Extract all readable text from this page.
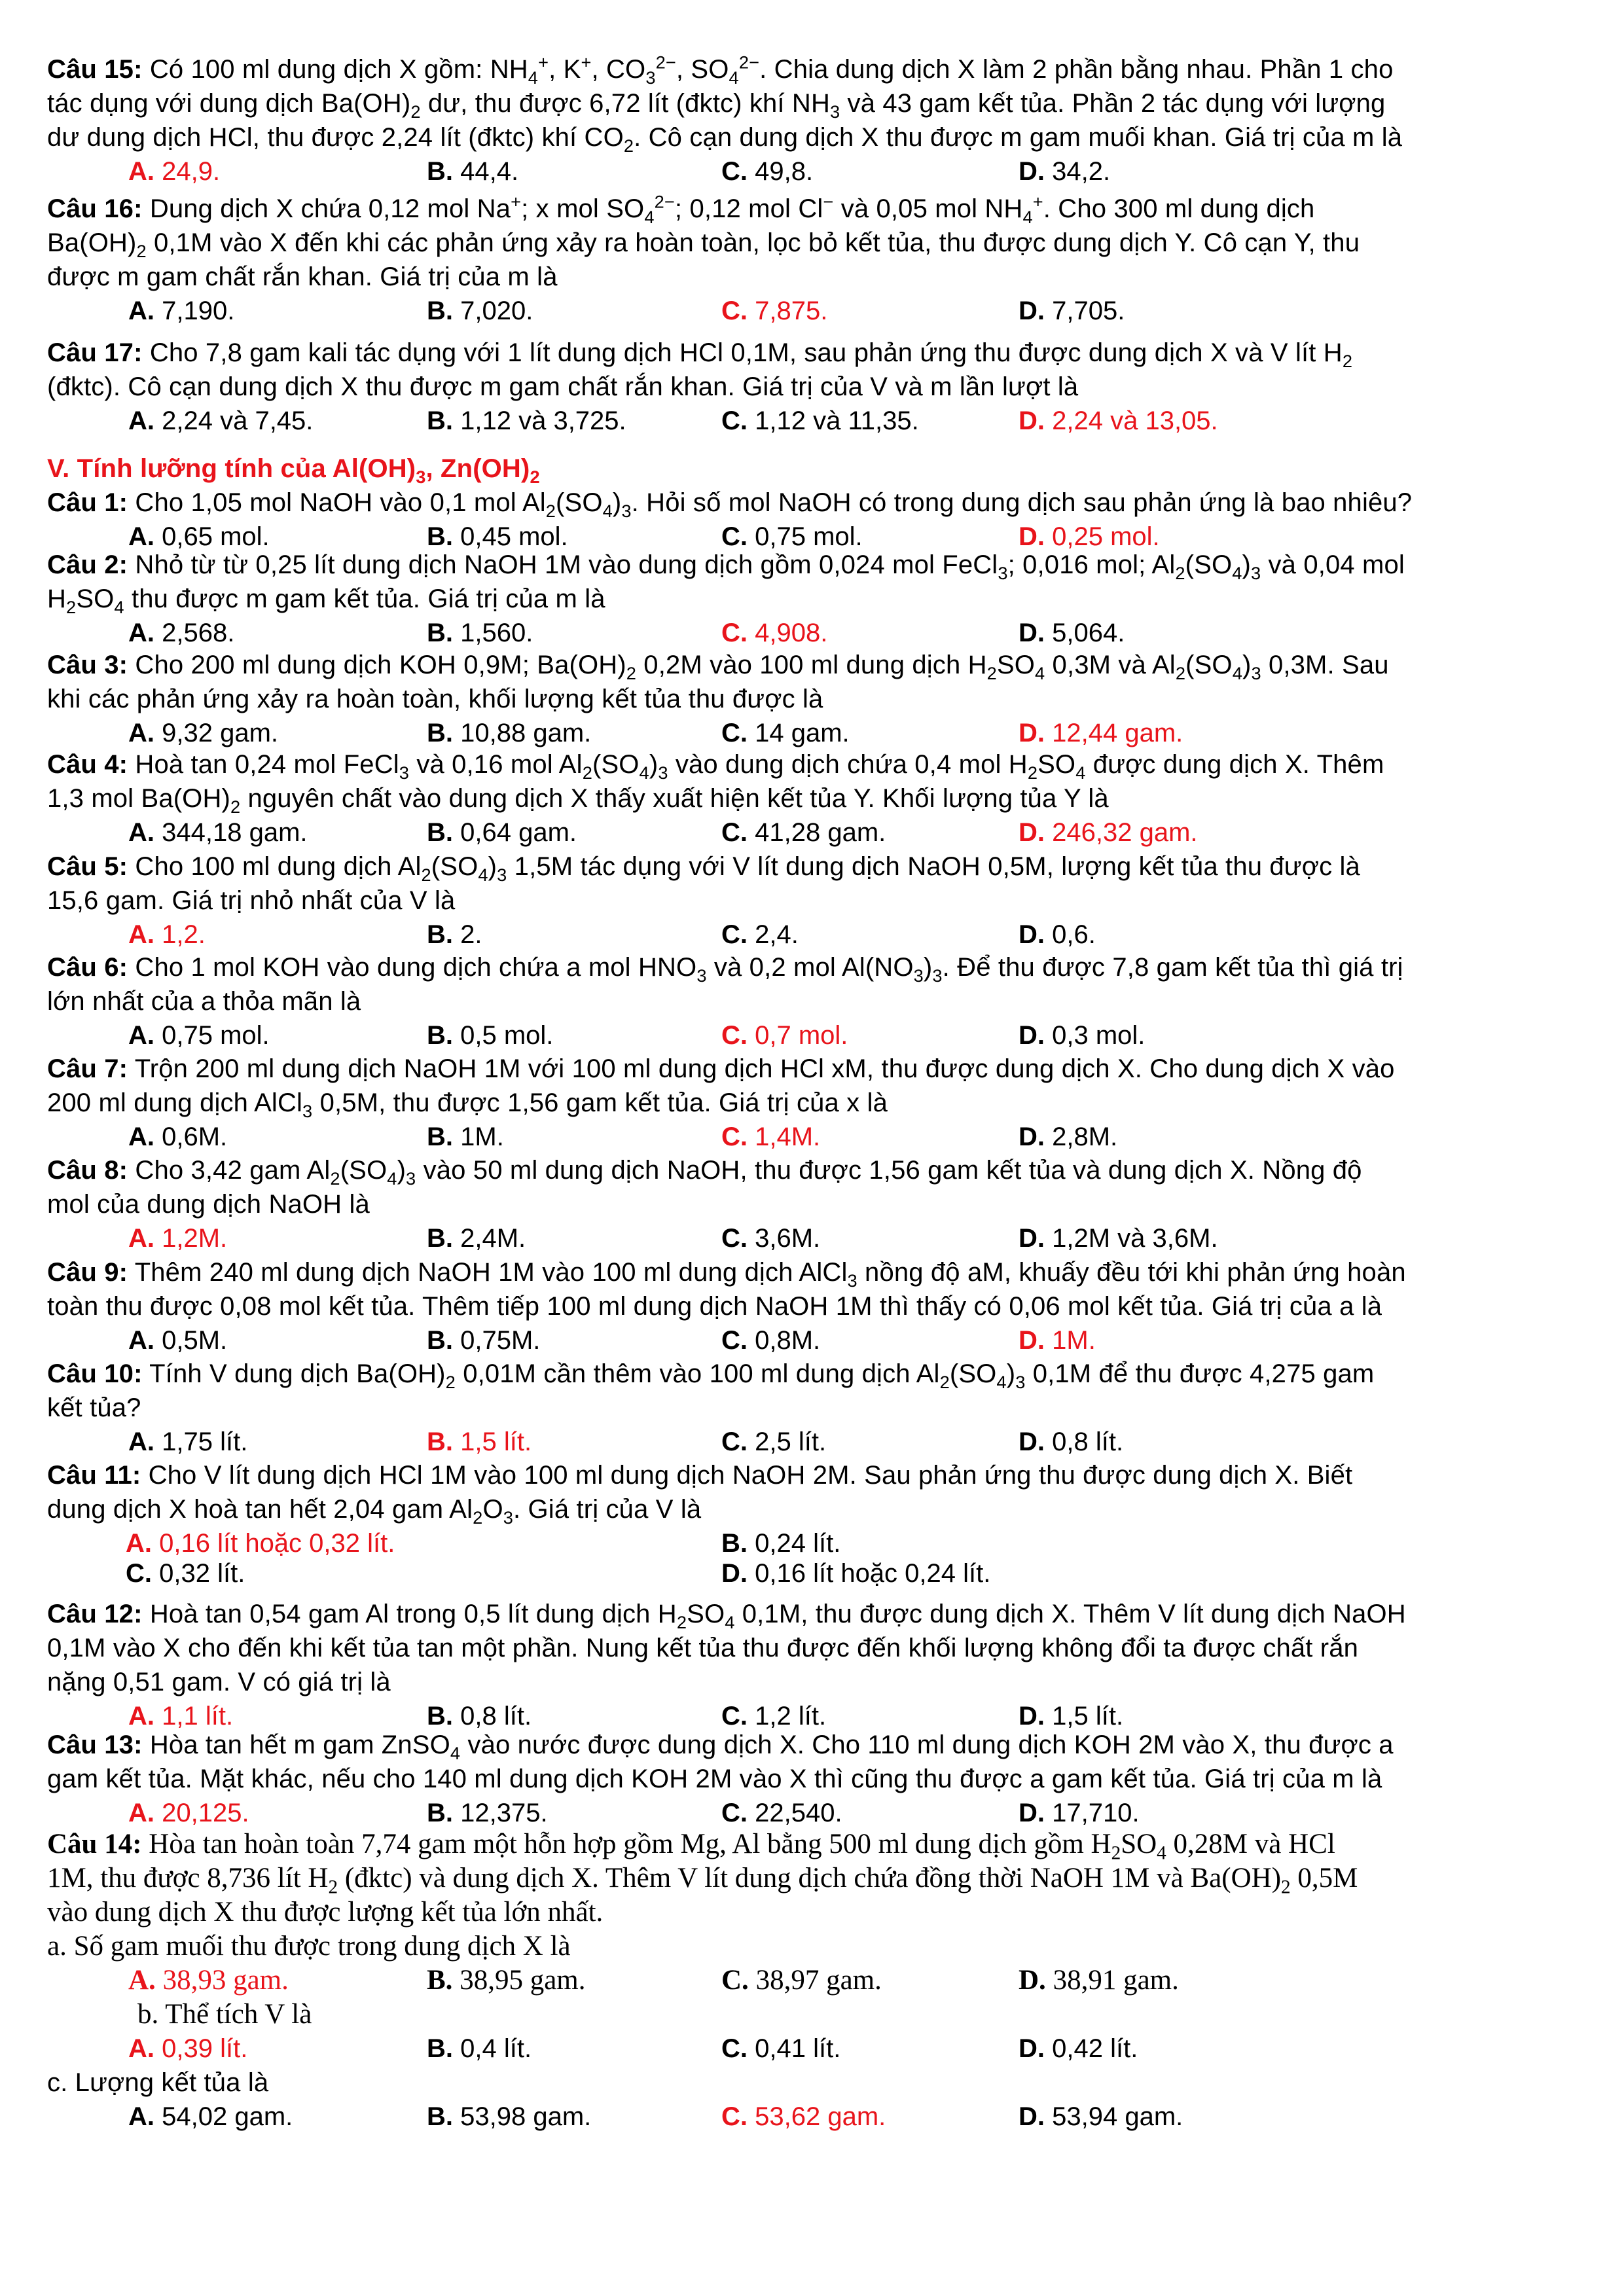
Câu 15: Có 100 ml dung dịch X gồm: $NH_4^+$, K+, $CO_3^{2-}$, $SO_4^{2-}$. Chia dung dịch X làm 2 phần bằng nhau. Phần 1 cho
tác dụng với dung dịch $Ba(OH)_2$ dư, thu được 6,72 lít (đktc) khí $NH_3$ và 43 gam kết tủa. Phần 2 tác dụng với lượng
dư dung dịch HCl, thu được 2,24 lít (đktc) khí $CO_2$. Cô cạn dung dịch X thu được m gam muối khan. Giá trị của m là
A. 24,9.	B. 44,4.	C. 49,8.	D. 34,2.
Câu 16: Dung dịch X chứa 0,12 mol Na+; x mol $SO_4^{2-}$; 0,12 mol Cl− và 0,05 mol $NH_4^+$. Cho 300 ml dung dịch
$Ba(OH)_2$ 0,1M vào X đến khi các phản ứng xảy ra hoàn toàn, lọc bỏ kết tủa, thu được dung dịch Y. Cô cạn Y, thu
được m gam chất rắn khan. Giá trị của m là
A. 7,190.	B. 7,020.	C. 7,875.	D. 7,705.
Câu 17: Cho 7,8 gam kali tác dụng với 1 lít dung dịch HCl 0,1M, sau phản ứng thu được dung dịch X và V lít $H_2$
(đktc). Cô cạn dung dịch X thu được m gam chất rắn khan. Giá trị của V và m lần lượt là
A. 2,24 và 7,45.	B. 1,12 và 3,725.	C. 1,12 và 11,35.	D. 2,24 và 13,05.
V. Tính lưỡng tính của $Al(OH)_3$, $Zn(OH)_2$
Câu 1: Cho 1,05 mol NaOH vào 0,1 mol $Al_2(SO_4)_3$. Hỏi số mol NaOH có trong dung dịch sau phản ứng là bao nhiêu?
A. 0,65 mol.	B. 0,45 mol.	C. 0,75 mol.	D. 0,25 mol.
Câu 2: Nhỏ từ từ 0,25 lít dung dịch NaOH 1M vào dung dịch gồm 0,024 mol FeCl$_3$; 0,016 mol; $Al_2(SO_4)_3$ và 0,04 mol
$H_2SO_4$ thu được m gam kết tủa. Giá trị của m là
A. 2,568.	B. 1,560.	C. 4,908.	D. 5,064.
Câu 3: Cho 200 ml dung dịch KOH 0,9M; $Ba(OH)_2$ 0,2M vào 100 ml dung dịch $H_2SO_4$ 0,3M và $Al_2(SO_4)_3$ 0,3M. Sau
khi các phản ứng xảy ra hoàn toàn, khối lượng kết tủa thu được là
A. 9,32 gam.	B. 10,88 gam.	C. 14 gam.	D. 12,44 gam.
Câu 4: Hoà tan 0,24 mol FeCl$_3$ và 0,16 mol $Al_2(SO_4)_3$ vào dung dịch chứa 0,4 mol $H_2SO_4$ được dung dịch X. Thêm
1,3 mol $Ba(OH)_2$ nguyên chất vào dung dịch X thấy xuất hiện kết tủa Y. Khối lượng tủa Y là
A. 344,18 gam.	B. 0,64 gam.	C. 41,28 gam.	D. 246,32 gam.
Câu 5: Cho 100 ml dung dịch $Al_2(SO_4)_3$ 1,5M tác dụng với V lít dung dịch NaOH 0,5M, lượng kết tủa thu được là
15,6 gam. Giá trị nhỏ nhất của V là
A. 1,2.	B. 2.	C. 2,4.	D. 0,6.
Câu 6: Cho 1 mol KOH vào dung dịch chứa a mol $HNO_3$ và 0,2 mol $Al(NO_3)_3$. Để thu được 7,8 gam kết tủa thì giá trị
lớn nhất của a thỏa mãn là
A. 0,75 mol.	B. 0,5 mol.	C. 0,7 mol.	D. 0,3 mol.
Câu 7: Trộn 200 ml dung dịch NaOH 1M với 100 ml dung dịch HCl xM, thu được dung dịch X. Cho dung dịch X vào
200 ml dung dịch AlCl$_3$ 0,5M, thu được 1,56 gam kết tủa. Giá trị của x là
A. 0,6M.	B. 1M.	C. 1,4M.	D. 2,8M.
Câu 8: Cho 3,42 gam $Al_2(SO_4)_3$ vào 50 ml dung dịch NaOH, thu được 1,56 gam kết tủa và dung dịch X. Nồng độ
mol của dung dịch NaOH là
A. 1,2M.	B. 2,4M.	C. 3,6M.	D. 1,2M và 3,6M.
Câu 9: Thêm 240 ml dung dịch NaOH 1M vào 100 ml dung dịch AlCl$_3$ nồng độ aM, khuấy đều tới khi phản ứng hoàn
toàn thu được 0,08 mol kết tủa. Thêm tiếp 100 ml dung dịch NaOH 1M thì thấy có 0,06 mol kết tủa. Giá trị của a là
A. 0,5M.	B. 0,75M.	C. 0,8M.	D. 1M.
Câu 10: Tính V dung dịch $Ba(OH)_2$ 0,01M cần thêm vào 100 ml dung dịch $Al_2(SO_4)_3$ 0,1M để thu được 4,275 gam
kết tủa?
A. 1,75 lít.	B. 1,5 lít.	C. 2,5 lít.	D. 0,8 lít.
Câu 11: Cho V lít dung dịch HCl 1M vào 100 ml dung dịch NaOH 2M. Sau phản ứng thu được dung dịch X. Biết
dung dịch X hoà tan hết 2,04 gam $Al_2O_3$. Giá trị của V là
A. 0,16 lít hoặc 0,32 lít.	B. 0,24 lít.
C. 0,32 lít.	D. 0,16 lít hoặc 0,24 lít.
Câu 12: Hoà tan 0,54 gam Al trong 0,5 lít dung dịch $H_2SO_4$ 0,1M, thu được dung dịch X. Thêm V lít dung dịch NaOH
0,1M vào X cho đến khi kết tủa tan một phần. Nung kết tủa thu được đến khối lượng không đổi ta được chất rắn
nặng 0,51 gam. V có giá trị là
A. 1,1 lít.	B. 0,8 lít.	C. 1,2 lít.	D. 1,5 lít.
Câu 13: Hòa tan hết m gam ZnSO$_4$ vào nước được dung dịch X. Cho 110 ml dung dịch KOH 2M vào X, thu được a
gam kết tủa. Mặt khác, nếu cho 140 ml dung dịch KOH 2M vào X thì cũng thu được a gam kết tủa. Giá trị của m là
A. 20,125.	B. 12,375.	C. 22,540.	D. 17,710.
Câu 14: Hòa tan hoàn toàn 7,74 gam một hỗn hợp gồm Mg, Al bằng 500 ml dung dịch gồm $H_2SO_4$ 0,28M và HCl
1M, thu được 8,736 lít $H_2$ (đktc) và dung dịch X. Thêm V lít dung dịch chứa đồng thời NaOH 1M và $Ba(OH)_2$ 0,5M
vào dung dịch X thu được lượng kết tủa lớn nhất.
a. Số gam muối thu được trong dung dịch X là
A. 38,93 gam.	B. 38,95 gam.	C. 38,97 gam.	D. 38,91 gam.
b. Thể tích V là
A. 0,39 lít.	B. 0,4 lít.	C. 0,41 lít.	D. 0,42 lít.
c. Lượng kết tủa là
A. 54,02 gam.	B. 53,98 gam.	C. 53,62 gam.	D. 53,94 gam.
